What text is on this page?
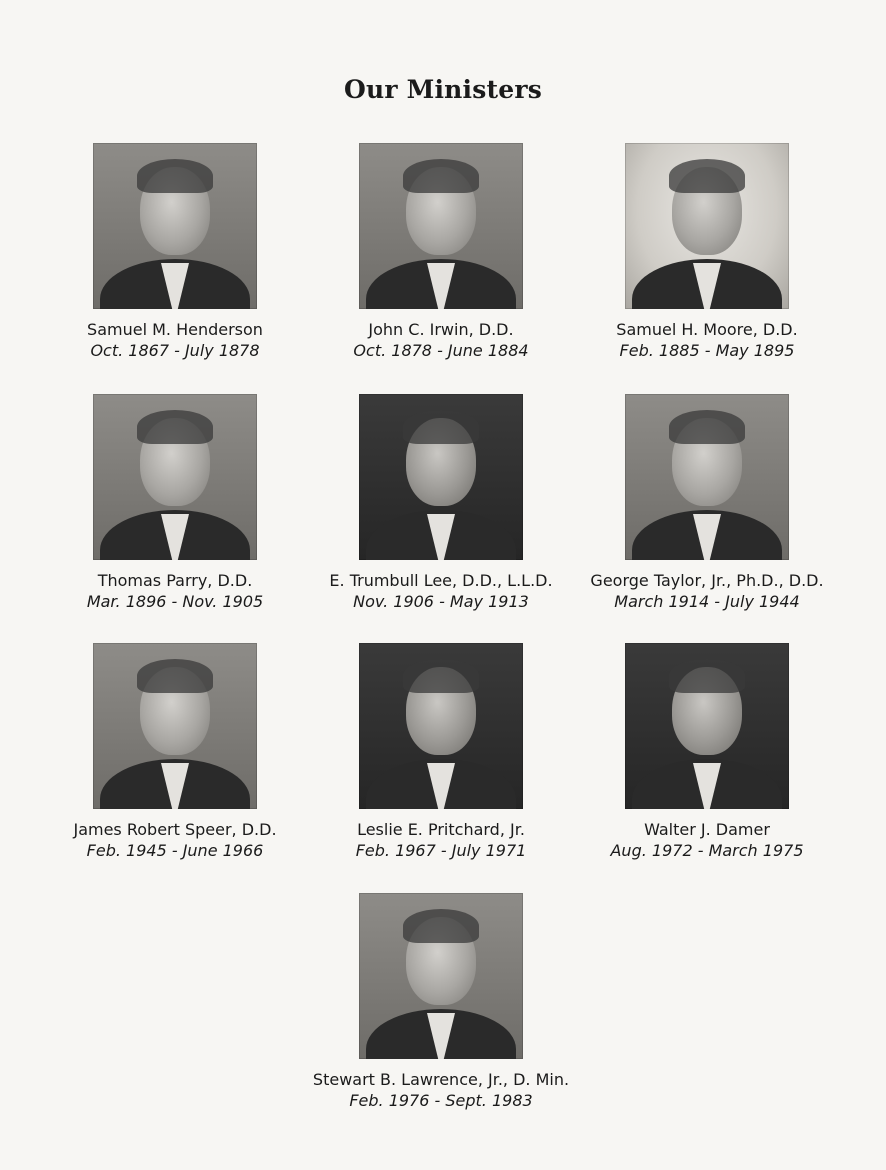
Our Ministers
Samuel M. Henderson
Oct. 1867 - July 1878
John C. Irwin, D.D.
Oct. 1878 - June 1884
Samuel H. Moore, D.D.
Feb. 1885 - May 1895
Thomas Parry, D.D.
Mar. 1896 - Nov. 1905
E. Trumbull Lee, D.D., L.L.D.
Nov. 1906 - May 1913
George Taylor, Jr., Ph.D., D.D.
March 1914 - July 1944
James Robert Speer, D.D.
Feb. 1945 - June 1966
Leslie E. Pritchard, Jr.
Feb. 1967 - July 1971
Walter J. Damer
Aug. 1972 - March 1975
Stewart B. Lawrence, Jr., D. Min.
Feb. 1976 - Sept. 1983
